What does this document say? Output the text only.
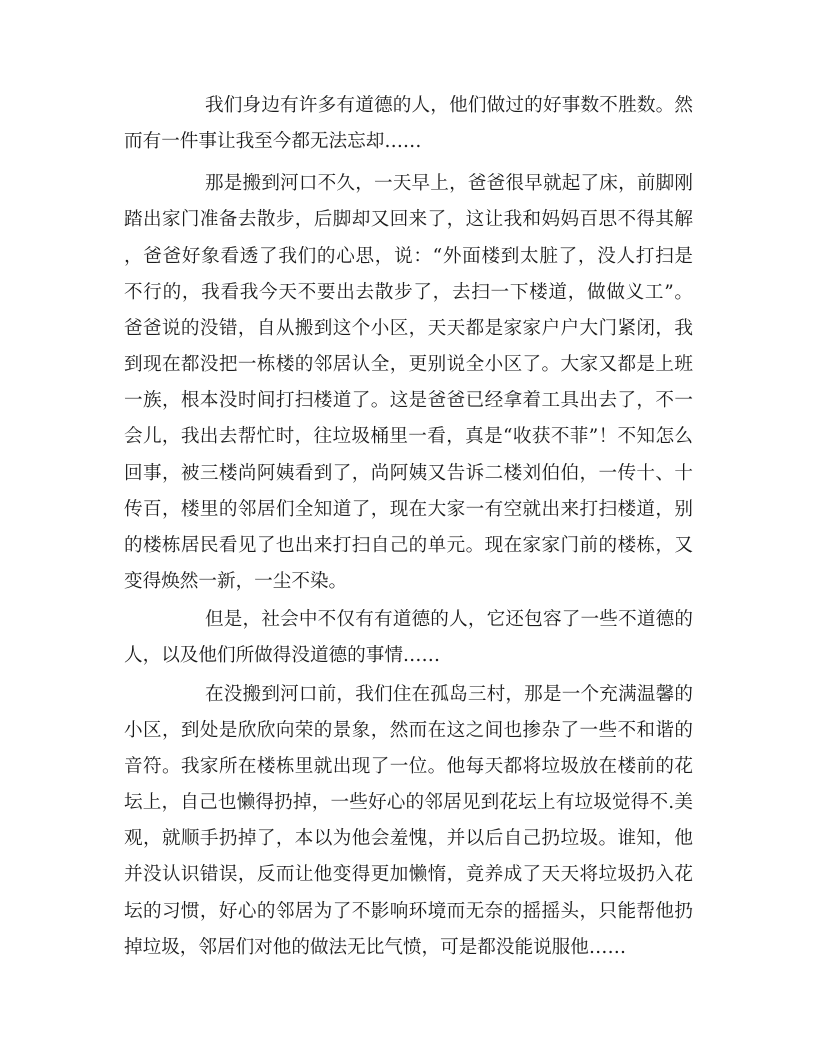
我们身边有许多有道德的人，他们做过的好事数不胜数。然
而有一件事让我至今都无法忘却……
那是搬到河口不久，一天早上，爸爸很早就起了床，前脚刚
踏出家门准备去散步，后脚却又回来了，这让我和妈妈百思不得其解
，爸爸好象看透了我们的心思，说：“外面楼到太脏了，没人打扫是
不行的，我看我今天不要出去散步了，去扫一下楼道，做做义工”。
爸爸说的没错，自从搬到这个小区，天天都是家家户户大门紧闭，我
到现在都没把一栋楼的邻居认全，更别说全小区了。大家又都是上班
一族，根本没时间打扫楼道了。这是爸爸已经拿着工具出去了，不一
会儿，我出去帮忙时，往垃圾桶里一看，真是“收获不菲”！不知怎么
回事，被三楼尚阿姨看到了，尚阿姨又告诉二楼刘伯伯，一传十、十
传百，楼里的邻居们全知道了，现在大家一有空就出来打扫楼道，别
的楼栋居民看见了也出来打扫自己的单元。现在家家门前的楼栋，又
变得焕然一新，一尘不染。
但是，社会中不仅有有道德的人，它还包容了一些不道德的
人，以及他们所做得没道德的事情……
在没搬到河口前，我们住在孤岛三村，那是一个充满温馨的
小区，到处是欣欣向荣的景象，然而在这之间也掺杂了一些不和谐的
音符。我家所在楼栋里就出现了一位。他每天都将垃圾放在楼前的花
坛上，自己也懒得扔掉，一些好心的邻居见到花坛上有垃圾觉得不.美
观，就顺手扔掉了，本以为他会羞愧，并以后自己扔垃圾。谁知，他
并没认识错误，反而让他变得更加懒惰，竟养成了天天将垃圾扔入花
坛的习惯，好心的邻居为了不影响环境而无奈的摇摇头，只能帮他扔
掉垃圾，邻居们对他的做法无比气愤，可是都没能说服他……
